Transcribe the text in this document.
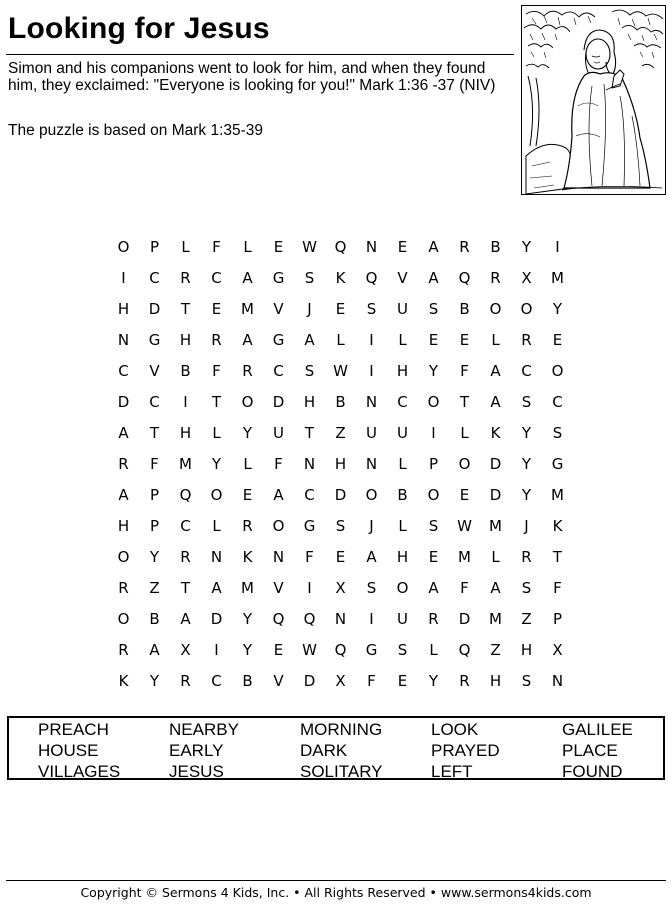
Looking for Jesus
Simon and his companions went to look for him, and when they found him, they exclaimed: "Everyone is looking for you!" Mark 1:36 -37 (NIV)
The puzzle is based on Mark 1:35-39
O	P	L	F	L	E	W	Q	N	E	A	R	B	Y	I
I	C	R	C	A	G	S	K	Q	V	A	Q	R	X	M
H	D	T	E	M	V	J	E	S	U	S	B	O	O	Y
N	G	H	R	A	G	A	L	I	L	E	E	L	R	E
C	V	B	F	R	C	S	W	I	H	Y	F	A	C	O
D	C	I	T	O	D	H	B	N	C	O	T	A	S	C
A	T	H	L	Y	U	T	Z	U	U	I	L	K	Y	S
R	F	M	Y	L	F	N	H	N	L	P	O	D	Y	G
A	P	Q	O	E	A	C	D	O	B	O	E	D	Y	M
H	P	C	L	R	O	G	S	J	L	S	W	M	J	K
O	Y	R	N	K	N	F	E	A	H	E	M	L	R	T
R	Z	T	A	M	V	I	X	S	O	A	F	A	S	F
O	B	A	D	Y	Q	Q	N	I	U	R	D	M	Z	P
R	A	X	I	Y	E	W	Q	G	S	L	Q	Z	H	X
K	Y	R	C	B	V	D	X	F	E	Y	R	H	S	N
PREACH	NEARBY	MORNING	LOOK	GALILEE
HOUSE	EARLY	DARK	PRAYED	PLACE
VILLAGES	JESUS	SOLITARY	LEFT	FOUND
Copyright © Sermons 4 Kids, Inc. • All Rights Reserved • www.sermons4kids.com
